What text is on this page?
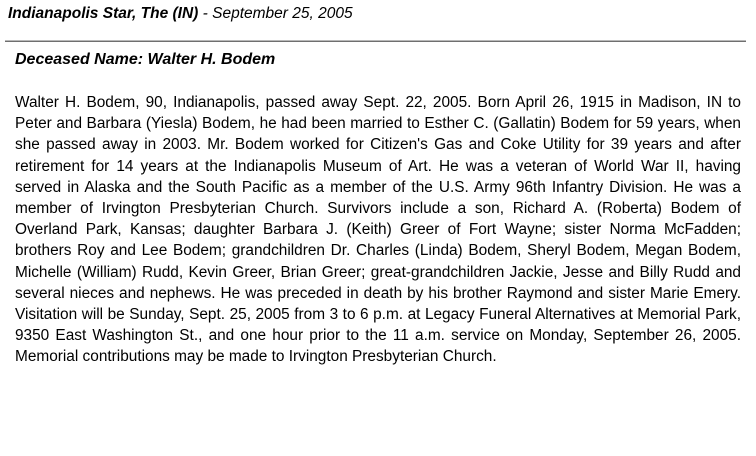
Indianapolis Star, The (IN) - September 25, 2005
Deceased Name: Walter H. Bodem

Walter H. Bodem, 90, Indianapolis, passed away Sept. 22, 2005. Born April 26, 1915 in Madison, IN to Peter and Barbara (Yiesla) Bodem, he had been married to Esther C. (Gallatin) Bodem for 59 years, when she passed away in 2003. Mr. Bodem worked for Citizen's Gas and Coke Utility for 39 years and after retirement for 14 years at the Indianapolis Museum of Art. He was a veteran of World War II, having served in Alaska and the South Pacific as a member of the U.S. Army 96th Infantry Division. He was a member of Irvington Presbyterian Church. Survivors include a son, Richard A. (Roberta) Bodem of Overland Park, Kansas; daughter Barbara J. (Keith) Greer of Fort Wayne; sister Norma McFadden; brothers Roy and Lee Bodem; grandchildren Dr. Charles (Linda) Bodem, Sheryl Bodem, Megan Bodem, Michelle (William) Rudd, Kevin Greer, Brian Greer; great-grandchildren Jackie, Jesse and Billy Rudd and several nieces and nephews. He was preceded in death by his brother Raymond and sister Marie Emery. Visitation will be Sunday, Sept. 25, 2005 from 3 to 6 p.m. at Legacy Funeral Alternatives at Memorial Park, 9350 East Washington St., and one hour prior to the 11 a.m. service on Monday, September 26, 2005. Memorial contributions may be made to Irvington Presbyterian Church.
